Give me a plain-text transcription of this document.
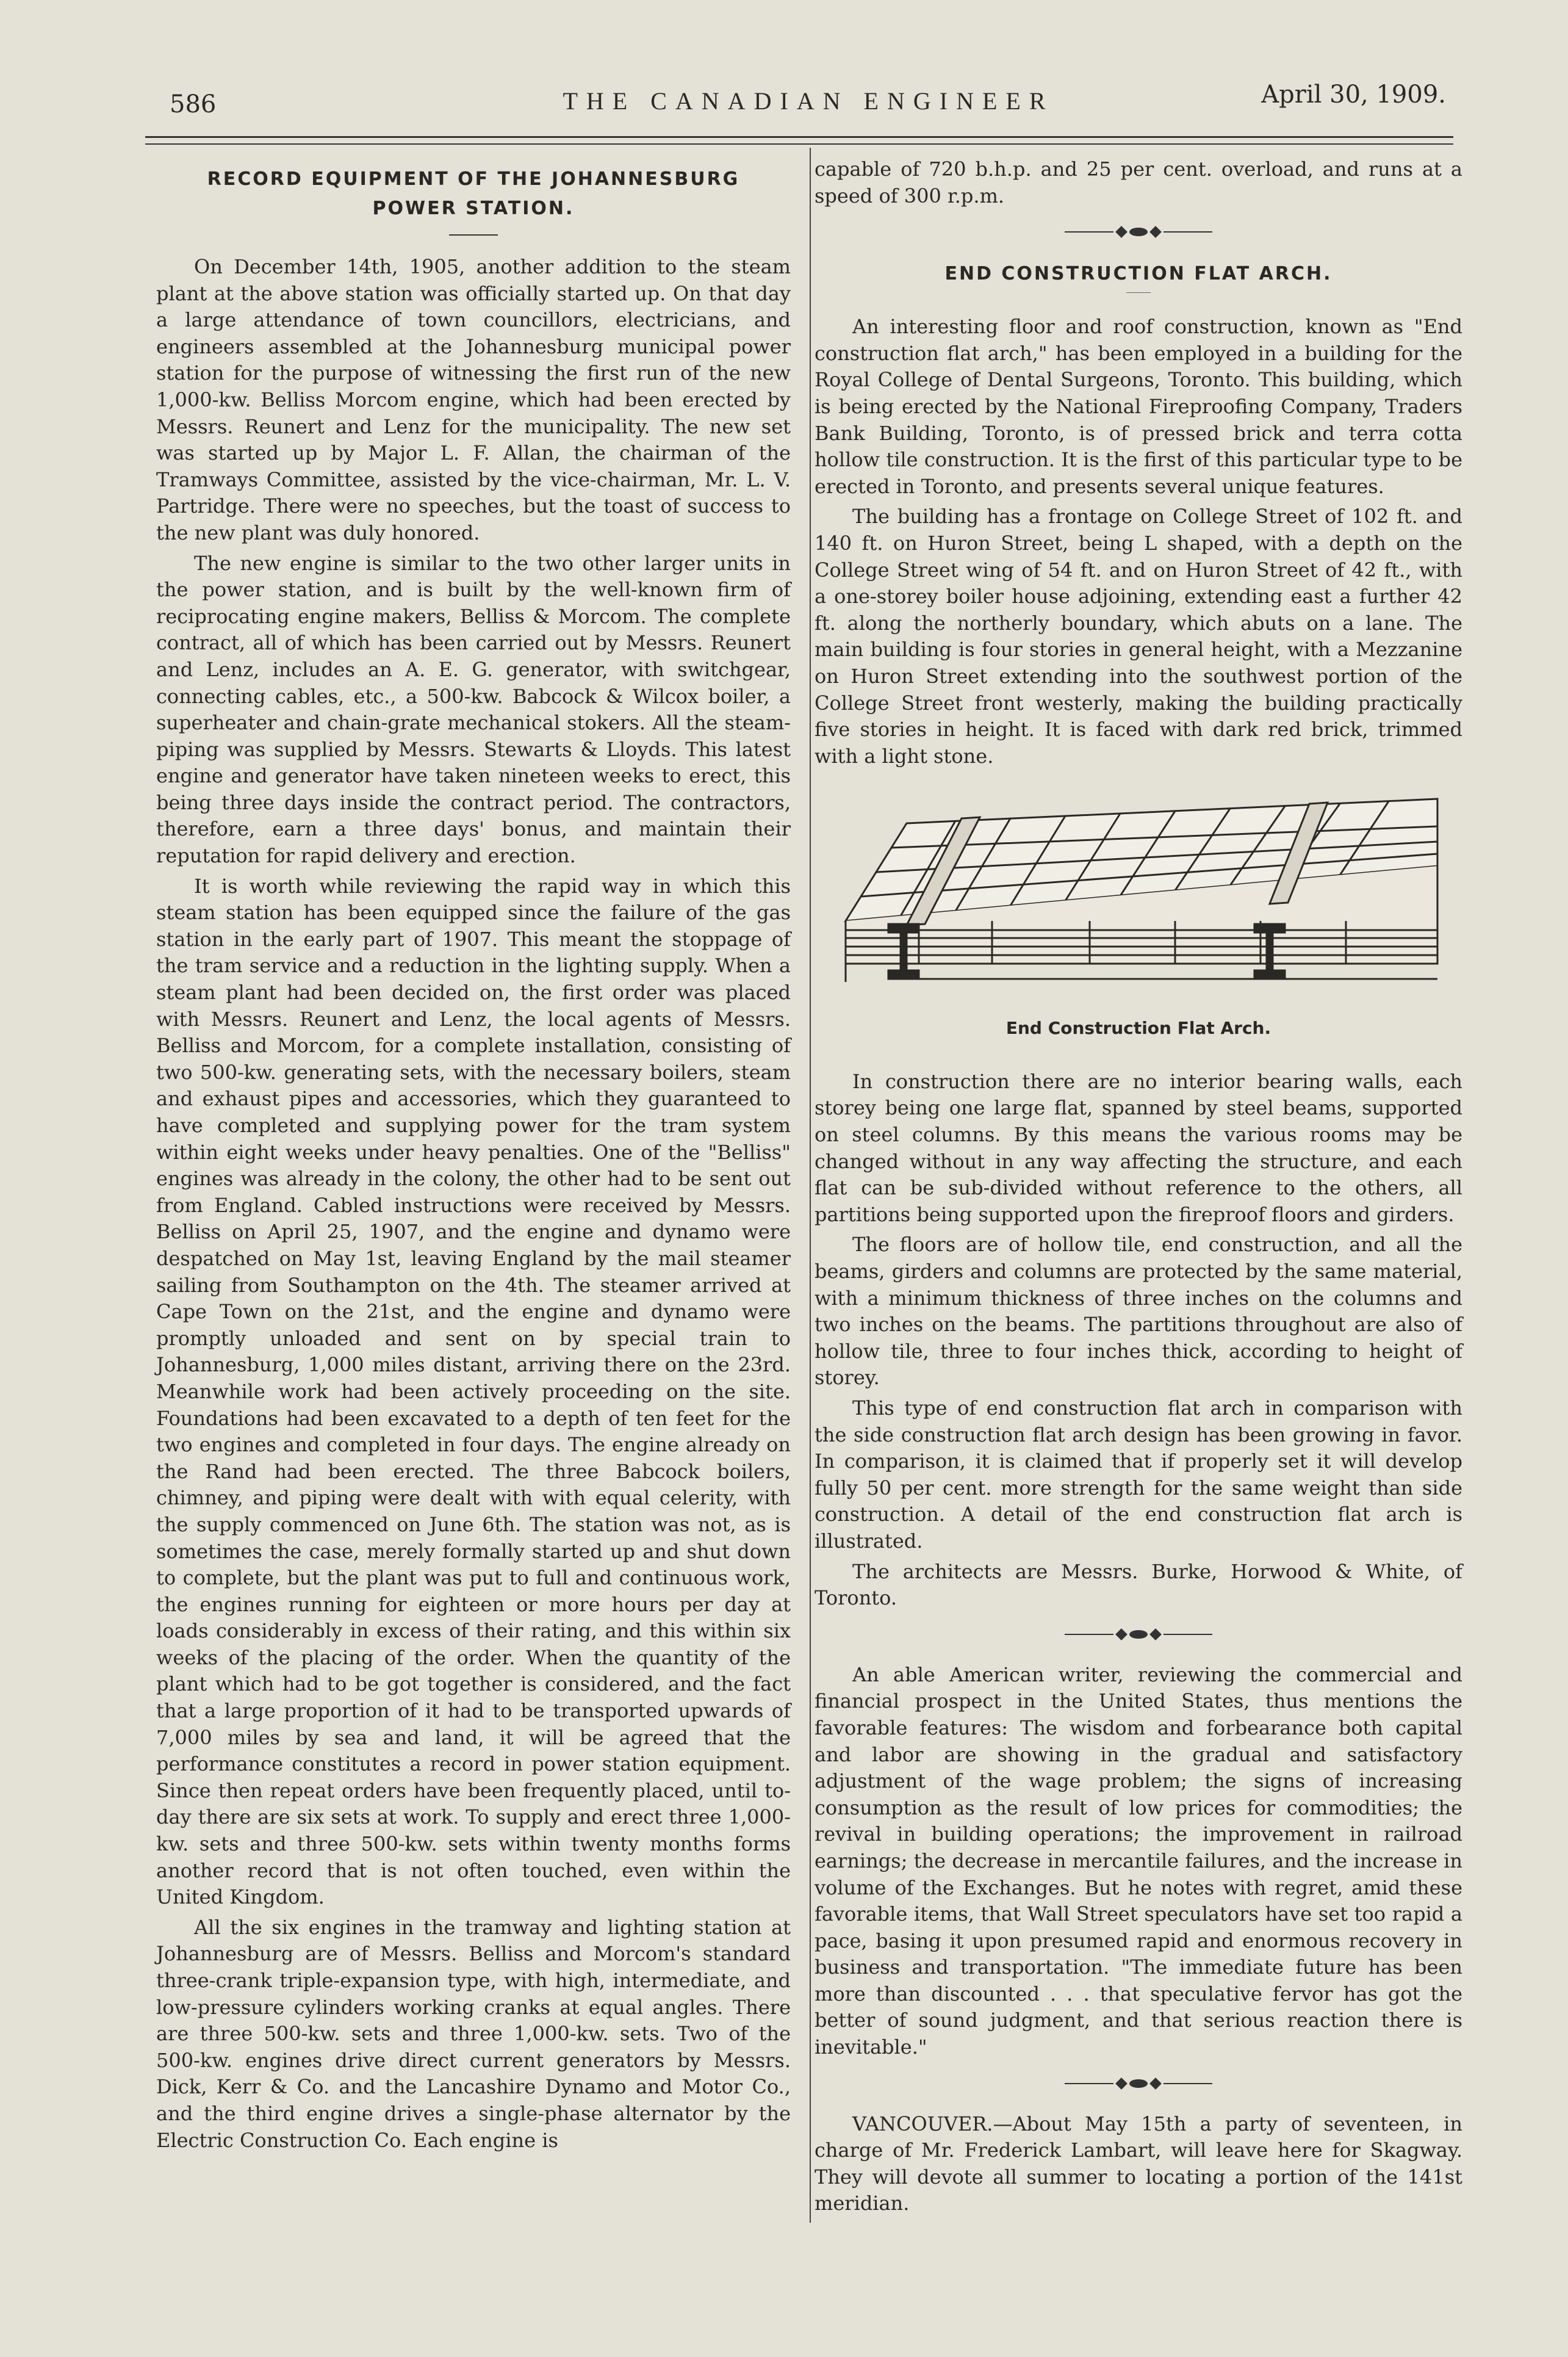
586	THE CANADIAN ENGINEER	April 30, 1909.
RECORD EQUIPMENT OF THE JOHANNESBURG
POWER STATION.

On December 14th, 1905, another addition to the steam plant at the above station was officially started up. On that day a large attendance of town councillors, electricians, and engineers assembled at the Johannesburg municipal power station for the purpose of witnessing the first run of the new 1,000-kw. Belliss Morcom engine, which had been erected by Messrs. Reunert and Lenz for the municipality. The new set was started up by Major L. F. Allan, the chairman of the Tramways Committee, assisted by the vice-chairman, Mr. L. V. Partridge. There were no speeches, but the toast of success to the new plant was duly honored.

The new engine is similar to the two other larger units in the power station, and is built by the well-known firm of reciprocating engine makers, Belliss & Morcom. The complete contract, all of which has been carried out by Messrs. Reunert and Lenz, includes an A. E. G. generator, with switchgear, connecting cables, etc., a 500-kw. Babcock & Wilcox boiler, a superheater and chain-grate mechanical stokers. All the steam-piping was supplied by Messrs. Stewarts & Lloyds. This latest engine and generator have taken nineteen weeks to erect, this being three days inside the contract period. The contractors, therefore, earn a three days' bonus, and maintain their reputation for rapid delivery and erection.

It is worth while reviewing the rapid way in which this steam station has been equipped since the failure of the gas station in the early part of 1907. This meant the stoppage of the tram service and a reduction in the lighting supply. When a steam plant had been decided on, the first order was placed with Messrs. Reunert and Lenz, the local agents of Messrs. Belliss and Morcom, for a complete installation, consisting of two 500-kw. generating sets, with the necessary boilers, steam and exhaust pipes and accessories, which they guaranteed to have completed and supplying power for the tram system within eight weeks under heavy penalties. One of the "Belliss" engines was already in the colony, the other had to be sent out from England. Cabled instructions were received by Messrs. Belliss on April 25, 1907, and the engine and dynamo were despatched on May 1st, leaving England by the mail steamer sailing from Southampton on the 4th. The steamer arrived at Cape Town on the 21st, and the engine and dynamo were promptly unloaded and sent on by special train to Johannesburg, 1,000 miles distant, arriving there on the 23rd. Meanwhile work had been actively proceeding on the site. Foundations had been excavated to a depth of ten feet for the two engines and completed in four days. The engine already on the Rand had been erected. The three Babcock boilers, chimney, and piping were dealt with with equal celerity, with the supply commenced on June 6th. The station was not, as is sometimes the case, merely formally started up and shut down to complete, but the plant was put to full and continuous work, the engines running for eighteen or more hours per day at loads considerably in excess of their rating, and this within six weeks of the placing of the order. When the quantity of the plant which had to be got together is considered, and the fact that a large proportion of it had to be transported upwards of 7,000 miles by sea and land, it will be agreed that the performance constitutes a record in power station equipment. Since then repeat orders have been frequently placed, until to-day there are six sets at work. To supply and erect three 1,000-kw. sets and three 500-kw. sets within twenty months forms another record that is not often touched, even within the United Kingdom.

All the six engines in the tramway and lighting station at Johannesburg are of Messrs. Belliss and Morcom's standard three-crank triple-expansion type, with high, intermediate, and low-pressure cylinders working cranks at equal angles. There are three 500-kw. sets and three 1,000-kw. sets. Two of the 500-kw. engines drive direct current generators by Messrs. Dick, Kerr & Co. and the Lancashire Dynamo and Motor Co., and the third engine drives a single-phase alternator by the Electric Construction Co. Each engine is

capable of 720 b.h.p. and 25 per cent. overload, and runs at a speed of 300 r.p.m.

END CONSTRUCTION FLAT ARCH.

An interesting floor and roof construction, known as "End construction flat arch," has been employed in a building for the Royal College of Dental Surgeons, Toronto. This building, which is being erected by the National Fireproofing Company, Traders Bank Building, Toronto, is of pressed brick and terra cotta hollow tile construction. It is the first of this particular type to be erected in Toronto, and presents several unique features.

The building has a frontage on College Street of 102 ft. and 140 ft. on Huron Street, being L shaped, with a depth on the College Street wing of 54 ft. and on Huron Street of 42 ft., with a one-storey boiler house adjoining, extending east a further 42 ft. along the northerly boundary, which abuts on a lane. The main building is four stories in general height, with a Mezzanine on Huron Street extending into the southwest portion of the College Street front westerly, making the building practically five stories in height. It is faced with dark red brick, trimmed with a light stone.

End Construction Flat Arch.

In construction there are no interior bearing walls, each storey being one large flat, spanned by steel beams, supported on steel columns. By this means the various rooms may be changed without in any way affecting the structure, and each flat can be sub-divided without reference to the others, all partitions being supported upon the fireproof floors and girders.

The floors are of hollow tile, end construction, and all the beams, girders and columns are protected by the same material, with a minimum thickness of three inches on the columns and two inches on the beams. The partitions throughout are also of hollow tile, three to four inches thick, according to height of storey.

This type of end construction flat arch in comparison with the side construction flat arch design has been growing in favor. In comparison, it is claimed that if properly set it will develop fully 50 per cent. more strength for the same weight than side construction. A detail of the end construction flat arch is illustrated.

The architects are Messrs. Burke, Horwood & White, of Toronto.

An able American writer, reviewing the commercial and financial prospect in the United States, thus mentions the favorable features: The wisdom and forbearance both capital and labor are showing in the gradual and satisfactory adjustment of the wage problem; the signs of increasing consumption as the result of low prices for commodities; the revival in building operations; the improvement in railroad earnings; the decrease in mercantile failures, and the increase in volume of the Exchanges. But he notes with regret, amid these favorable items, that Wall Street speculators have set too rapid a pace, basing it upon presumed rapid and enormous recovery in business and transportation. "The immediate future has been more than discounted . . . that speculative fervor has got the better of sound judgment, and that serious reaction there is inevitable."

VANCOUVER.—About May 15th a party of seventeen, in charge of Mr. Frederick Lambart, will leave here for Skagway. They will devote all summer to locating a portion of the 141st meridian.
